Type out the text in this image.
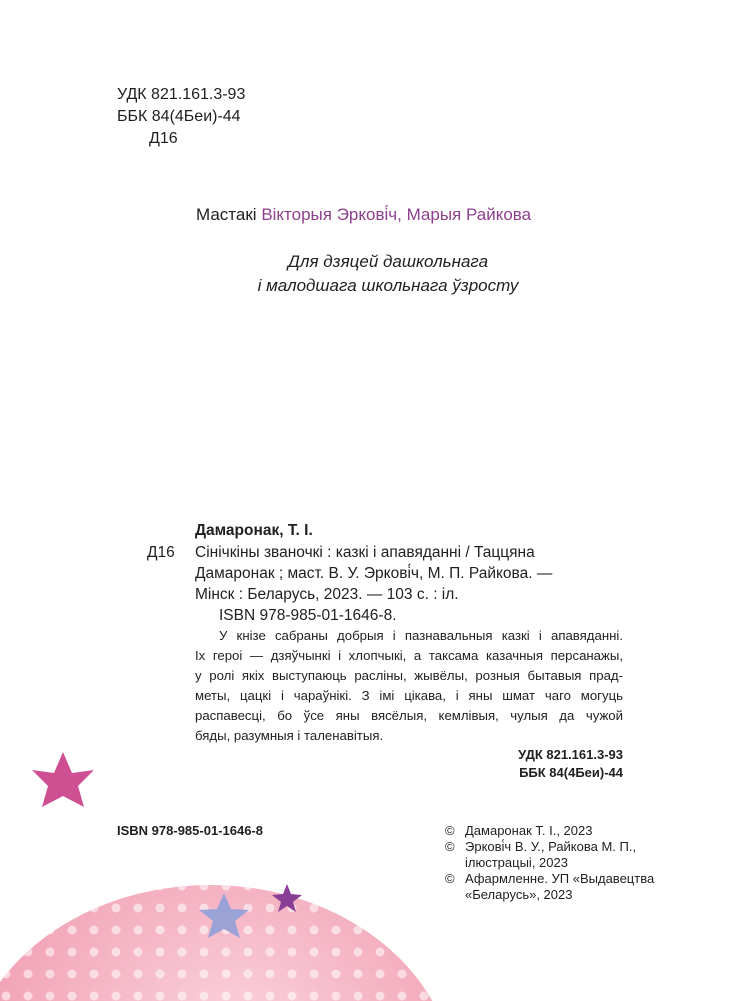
УДК 821.161.3-93
ББК 84(4Беи)-44
Д16
Мастакі Вікторыя Эркові́ч, Марыя Райкова
Для дзяцей дашкольнага
і малодшага школьнага ўзросту
Дамаронак, Т. І.
Д16 Сінічкіны званочкі : казкі і апавяданні / Таццяна
Дамаронак ; маст. В. У. Эркові́ч, М. П. Райкова. —
Мінск : Беларусь, 2023. — 103 с. : іл.
ISBN 978-985-01-1646-8.
У кнізе сабраны добрыя і пазнавальныя казкі і апавяданні.
Іх героі — дзяўчынкі і хлопчыкі, а таксама казачныя персанажы,
у ролі якіх выступаюць расліны, жывёлы, розныя бытавыя прад-
меты, цацкі і чараўнікі. З імі цікава, і яны шмат чаго могуць
распавесці, бо ўсе яны вясёлыя, кемлівыя, чулыя да чужой
бяды, разумныя і таленавітыя.
УДК 821.161.3-93
ББК 84(4Беи)-44
ISBN 978-985-01-1646-8	© Дамаронак Т. І., 2023
© Эркові́ч В. У., Райкова М. П.,
ілюстрацыі, 2023
© Афармленне. УП «Выдавецтва
«Беларусь», 2023
